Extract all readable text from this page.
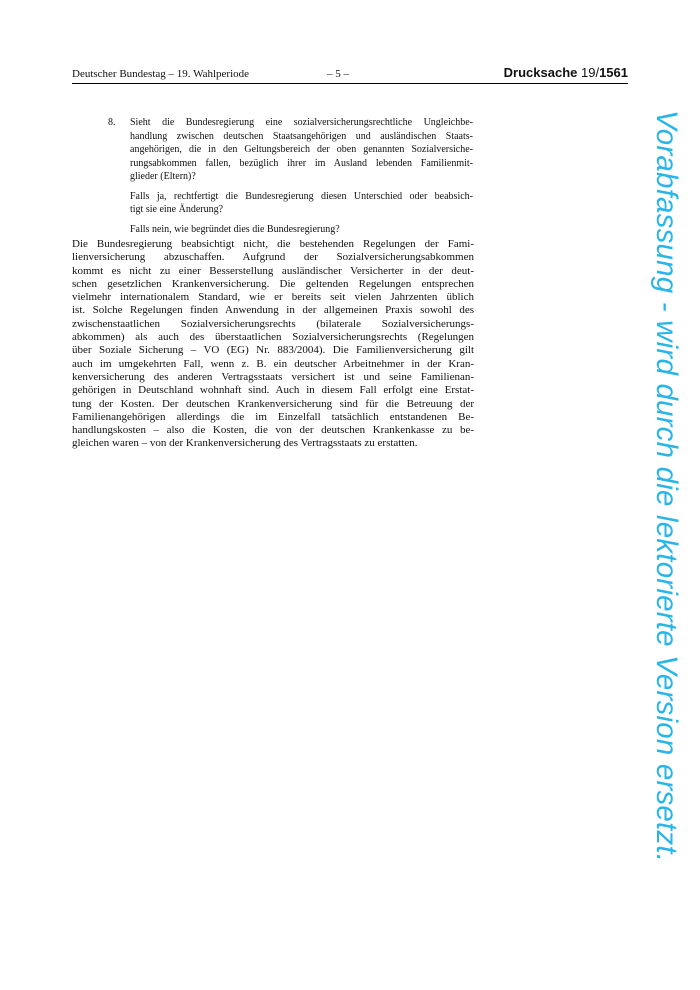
Deutscher Bundestag – 19. Wahlperiode	– 5 –	Drucksache 19/1561
8. Sieht die Bundesregierung eine sozialversicherungsrechtliche Ungleichbe-
handlung zwischen deutschen Staatsangehörigen und ausländischen Staats-
angehörigen, die in den Geltungsbereich der oben genannten Sozialversiche-
rungsabkommen fallen, bezüglich ihrer im Ausland lebenden Familienmit-
glieder (Eltern)?
Falls ja, rechtfertigt die Bundesregierung diesen Unterschied oder beabsich-
tigt sie eine Änderung?
Falls nein, wie begründet dies die Bundesregierung?
Die Bundesregierung beabsichtigt nicht, die bestehenden Regelungen der Fami-
lienversicherung abzuschaffen. Aufgrund der Sozialversicherungsabkommen
kommt es nicht zu einer Besserstellung ausländischer Versicherter in der deut-
schen gesetzlichen Krankenversicherung. Die geltenden Regelungen entsprechen
vielmehr internationalem Standard, wie er bereits seit vielen Jahrzenten üblich
ist. Solche Regelungen finden Anwendung in der allgemeinen Praxis sowohl des
zwischenstaatlichen Sozialversicherungsrechts (bilaterale Sozialversicherungs-
abkommen) als auch des überstaatlichen Sozialversicherungsrechts (Regelungen
über Soziale Sicherung – VO (EG) Nr. 883/2004). Die Familienversicherung gilt
auch im umgekehrten Fall, wenn z. B. ein deutscher Arbeitnehmer in der Kran-
kenversicherung des anderen Vertragsstaats versichert ist und seine Familienan-
gehörigen in Deutschland wohnhaft sind. Auch in diesem Fall erfolgt eine Erstat-
tung der Kosten. Der deutschen Krankenversicherung sind für die Betreuung der
Familienangehörigen allerdings die im Einzelfall tatsächlich entstandenen Be-
handlungskosten – also die Kosten, die von der deutschen Krankenkasse zu be-
gleichen waren – von der Krankenversicherung des Vertragsstaats zu erstatten.	Vorabfassung - wird durch die lektorierte Version ersetzt.
